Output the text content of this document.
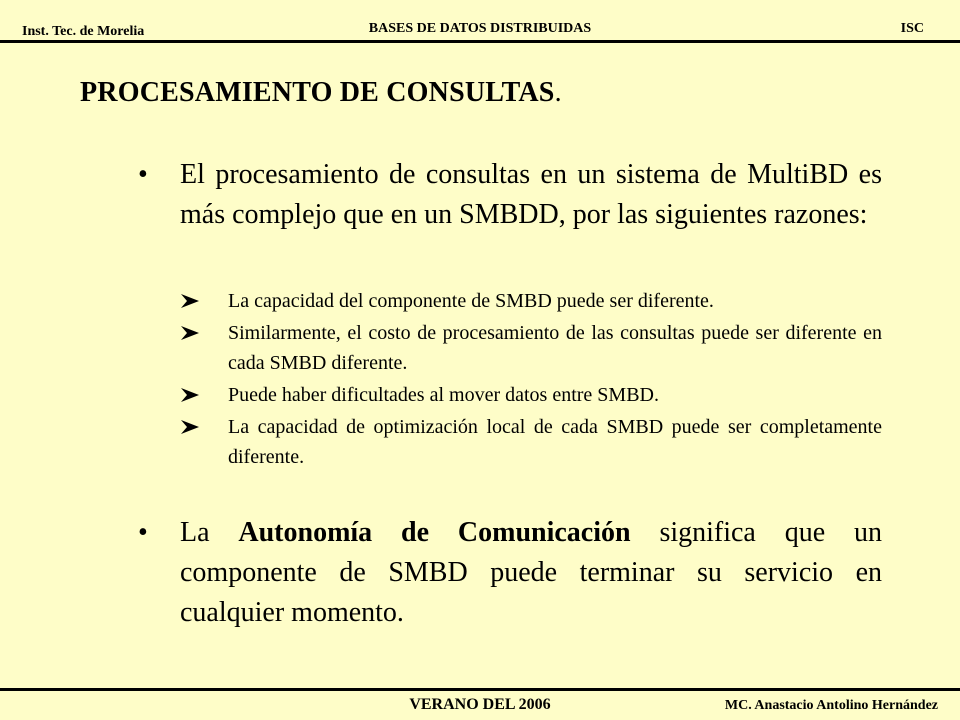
Inst. Tec. de Morelia	BASES DE DATOS DISTRIBUIDAS	ISC
PROCESAMIENTO DE CONSULTAS.
• El procesamiento de consultas en un sistema de MultiBD es más complejo que en un SMBDD, por las siguientes razones:
La capacidad del componente de SMBD puede ser diferente.
Similarmente, el costo de procesamiento de las consultas puede ser diferente en cada SMBD diferente.
Puede haber dificultades al mover datos entre SMBD.
La capacidad de optimización local de cada SMBD puede ser completamente diferente.
• La Autonomía de Comunicación significa que un componente de SMBD puede terminar su servicio en cualquier momento.
VERANO DEL 2006	MC. Anastacio Antolino Hernández
